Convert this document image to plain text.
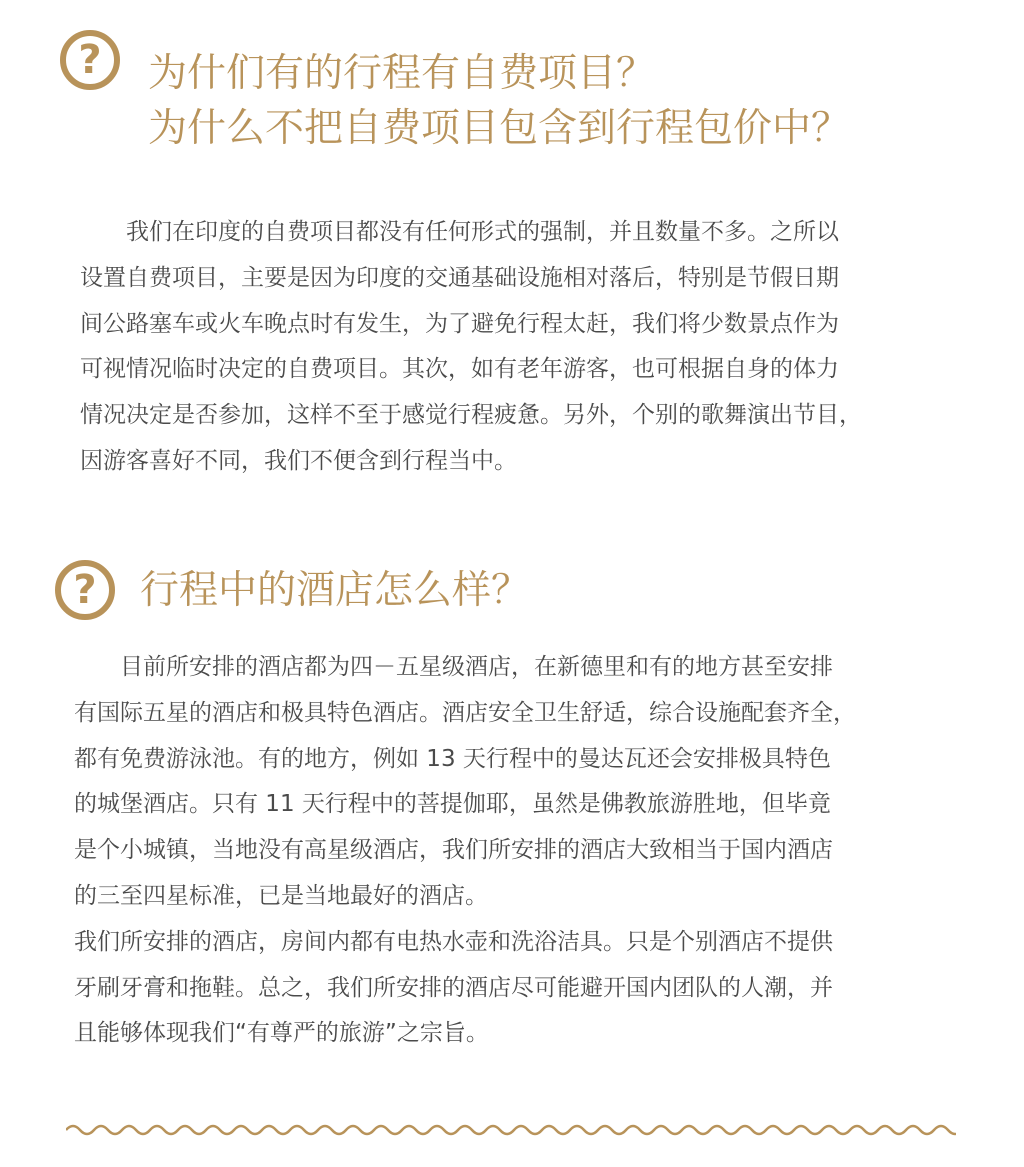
?	为什们有的行程有自费项目？
为什么不把自费项目包含到行程包价中？

　　我们在印度的自费项目都没有任何形式的强制，并且数量不多。之所以

设置自费项目，主要是因为印度的交通基础设施相对落后，特别是节假日期

间公路塞车或火车晚点时有发生，为了避免行程太赶，我们将少数景点作为

可视情况临时决定的自费项目。其次，如有老年游客，也可根据自身的体力

情况决定是否参加，这样不至于感觉行程疲惫。另外，个别的歌舞演出节目，

因游客喜好不同，我们不便含到行程当中。

?	行程中的酒店怎么样？

　　目前所安排的酒店都为四－五星级酒店，在新德里和有的地方甚至安排

有国际五星的酒店和极具特色酒店。酒店安全卫生舒适，综合设施配套齐全，

都有免费游泳池。有的地方，例如 13 天行程中的曼达瓦还会安排极具特色

的城堡酒店。只有 11 天行程中的菩提伽耶，虽然是佛教旅游胜地，但毕竟

是个小城镇，当地没有高星级酒店，我们所安排的酒店大致相当于国内酒店

的三至四星标准，已是当地最好的酒店。

我们所安排的酒店，房间内都有电热水壶和洗浴洁具。只是个别酒店不提供

牙刷牙膏和拖鞋。总之，我们所安排的酒店尽可能避开国内团队的人潮，并

且能够体现我们“有尊严的旅游”之宗旨。
